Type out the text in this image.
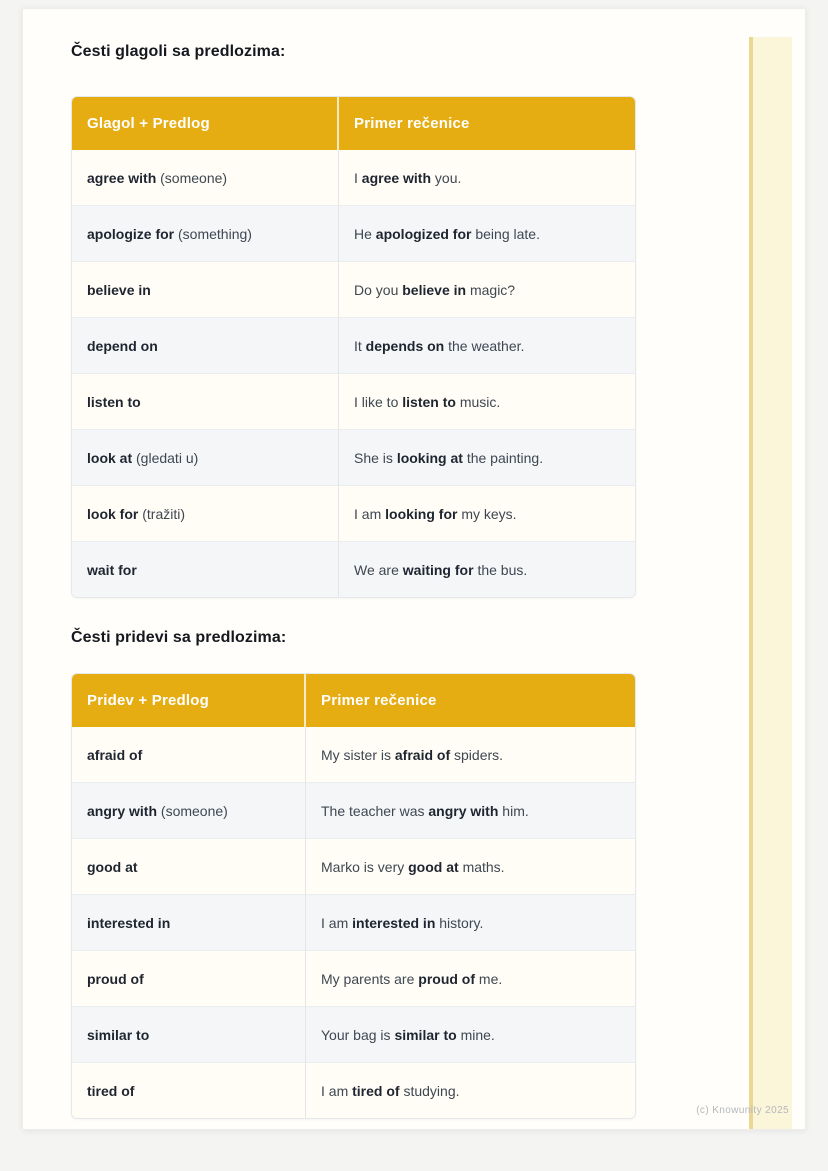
Česti glagoli sa predlozima:
Glagol + Predlog	Primer rečenice
agree with (someone)	I agree with you.
apologize for (something)	He apologized for being late.
believe in	Do you believe in magic?
depend on	It depends on the weather.
listen to	I like to listen to music.
look at (gledati u)	She is looking at the painting.
look for (tražiti)	I am looking for my keys.
wait for	We are waiting for the bus.
Česti pridevi sa predlozima:
Pridev + Predlog	Primer rečenice
afraid of	My sister is afraid of spiders.
angry with (someone)	The teacher was angry with him.
good at	Marko is very good at maths.
interested in	I am interested in history.
proud of	My parents are proud of me.
similar to	Your bag is similar to mine.
tired of	I am tired of studying.
(c) Knowunity 2025
